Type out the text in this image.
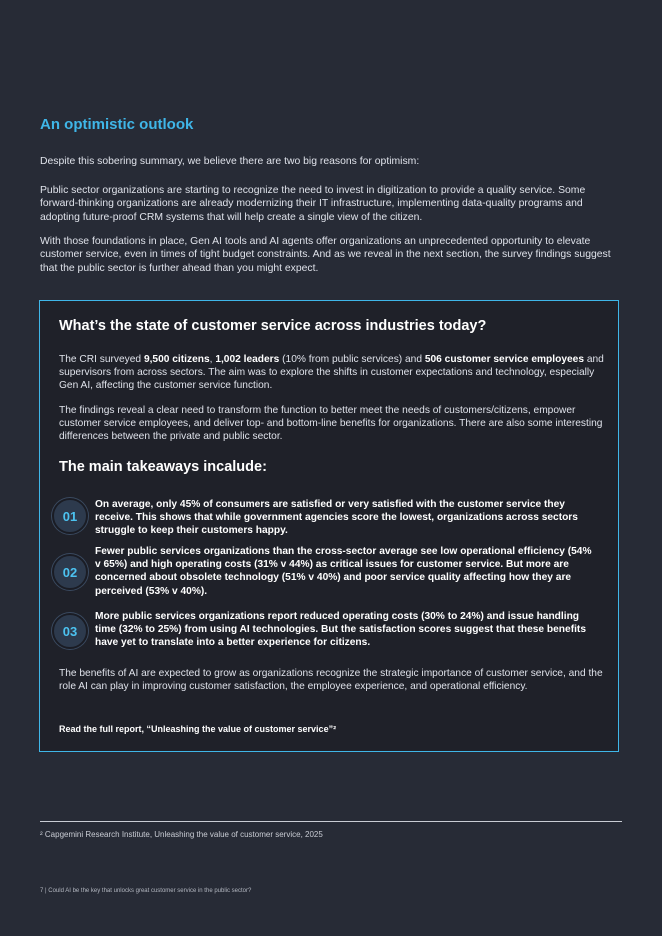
An optimistic outlook

Despite this sobering summary, we believe there are two big reasons for optimism:

Public sector organizations are starting to recognize the need to invest in digitization to provide a quality service. Some forward-thinking organizations are already modernizing their IT infrastructure, implementing data-quality programs and adopting future-proof CRM systems that will help create a single view of the citizen.

With those foundations in place, Gen AI tools and AI agents offer organizations an unprecedented opportunity to elevate customer service, even in times of tight budget constraints. And as we reveal in the next section, the survey findings suggest that the public sector is further ahead than you might expect.

What’s the state of customer service across industries today?

The CRI surveyed 9,500 citizens, 1,002 leaders (10% from public services) and 506 customer service employees and supervisors from across sectors. The aim was to explore the shifts in customer expectations and technology, especially Gen AI, affecting the customer service function.

The findings reveal a clear need to transform the function to better meet the needs of customers/citizens, empower customer service employees, and deliver top- and bottom-line benefits for organizations. There are also some interesting differences between the private and public sector.

The main takeaways incalude:
01

On average, only 45% of consumers are satisfied or very satisfied with the customer service they receive. This shows that while government agencies score the lowest, organizations across sectors struggle to keep their customers happy.

02

Fewer public services organizations than the cross-sector average see low operational efficiency (54% v 65%) and high operating costs (31% v 44%) as critical issues for customer service. But more are concerned about obsolete technology (51% v 40%) and poor service quality affecting how they are perceived (53% v 40%).

03

More public services organizations report reduced operating costs (30% to 24%) and issue handling time (32% to 25%) from using AI technologies. But the satisfaction scores suggest that these benefits have yet to translate into a better experience for citizens.

The benefits of AI are expected to grow as organizations recognize the strategic importance of customer service, and the role AI can play in improving customer satisfaction, the employee experience, and operational efficiency.

Read the full report, “Unleashing the value of customer service”²

² Capgemini Research Institute, Unleashing the value of customer service, 2025

7 | Could AI be the key that unlocks great customer service in the public sector?
